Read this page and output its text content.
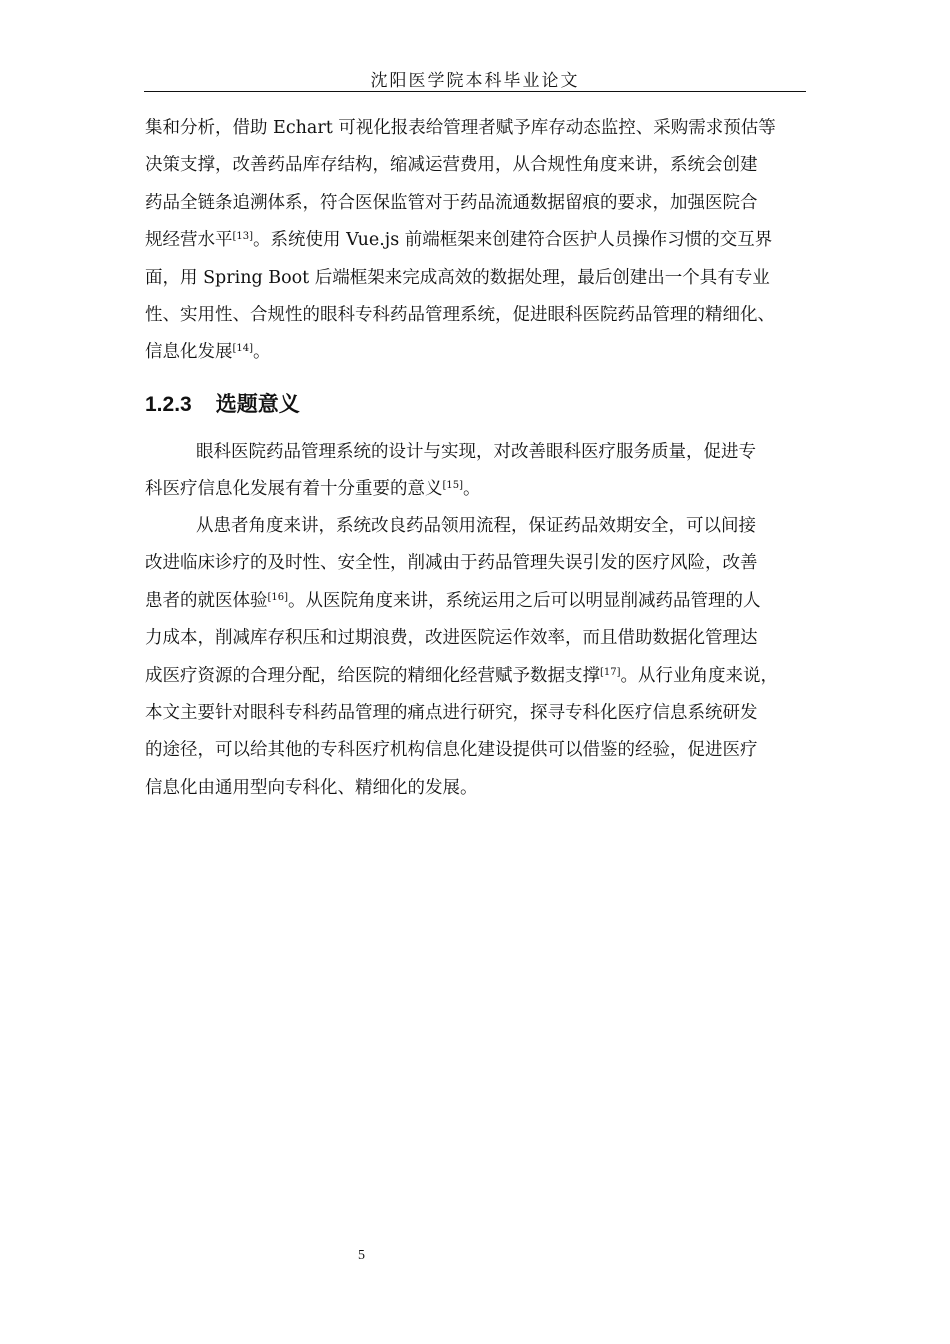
沈阳医学院本科毕业论文
集和分析，借助 Echart 可视化报表给管理者赋予库存动态监控、采购需求预估等
决策支撑，改善药品库存结构，缩减运营费用，从合规性角度来讲，系统会创建
药品全链条追溯体系，符合医保监管对于药品流通数据留痕的要求，加强医院合
规经营水平[13]。系统使用 Vue.js 前端框架来创建符合医护人员操作习惯的交互界
面，用 Spring Boot 后端框架来完成高效的数据处理，最后创建出一个具有专业
性、实用性、合规性的眼科专科药品管理系统，促进眼科医院药品管理的精细化、
信息化发展[14]。
1.2.3 选题意义
眼科医院药品管理系统的设计与实现，对改善眼科医疗服务质量，促进专
科医疗信息化发展有着十分重要的意义[15]。
从患者角度来讲，系统改良药品领用流程，保证药品效期安全，可以间接
改进临床诊疗的及时性、安全性，削减由于药品管理失误引发的医疗风险，改善
患者的就医体验[16]。从医院角度来讲，系统运用之后可以明显削减药品管理的人
力成本，削减库存积压和过期浪费，改进医院运作效率，而且借助数据化管理达
成医疗资源的合理分配，给医院的精细化经营赋予数据支撑[17]。从行业角度来说，
本文主要针对眼科专科药品管理的痛点进行研究，探寻专科化医疗信息系统研发
的途径，可以给其他的专科医疗机构信息化建设提供可以借鉴的经验，促进医疗
信息化由通用型向专科化、精细化的发展。
5
